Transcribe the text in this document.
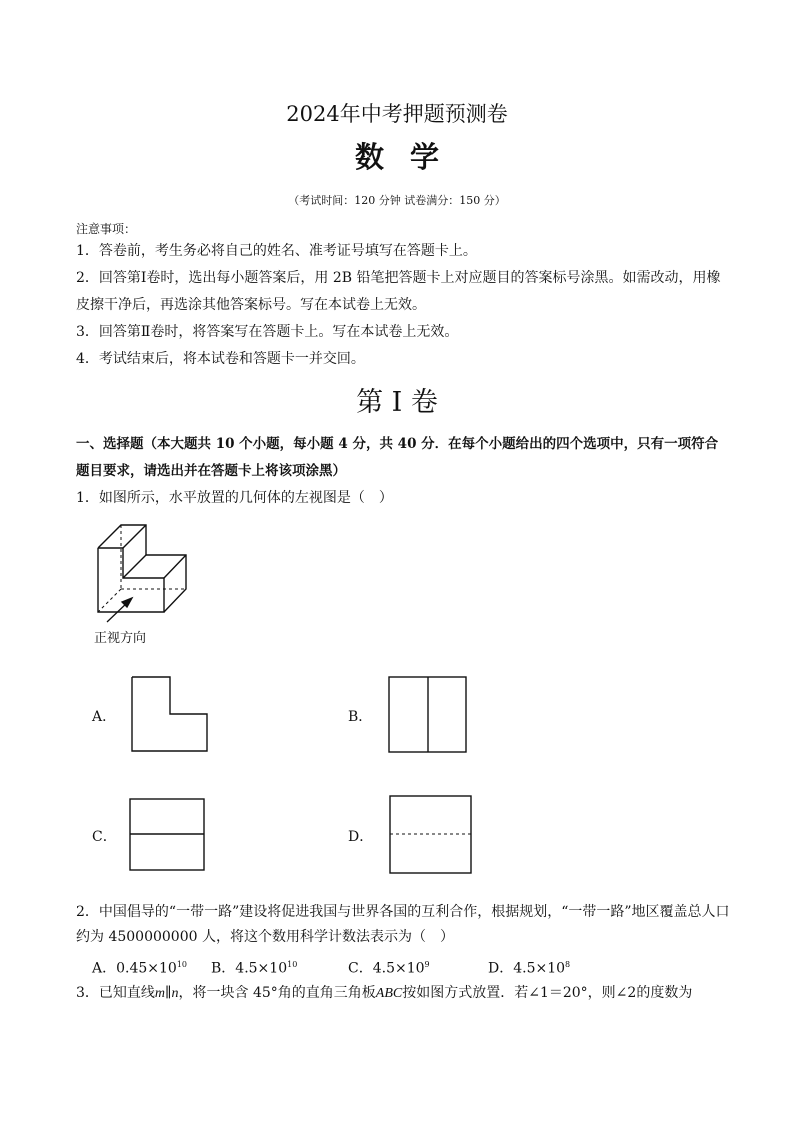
2024年中考押题预测卷
数学
（考试时间：120 分钟 试卷满分：150 分）
注意事项：
1．答卷前，考生务必将自己的姓名、准考证号填写在答题卡上。
2．回答第Ⅰ卷时，选出每小题答案后，用 2B 铅笔把答题卡上对应题目的答案标号涂黑。如需改动，用橡
皮擦干净后，再选涂其他答案标号。写在本试卷上无效。
3．回答第Ⅱ卷时，将答案写在答题卡上。写在本试卷上无效。
4．考试结束后，将本试卷和答题卡一并交回。
第 I 卷
一、选择题（本大题共 10 个小题，每小题 4 分，共 40 分．在每个小题给出的四个选项中，只有一项符合
题目要求，请选出并在答题卡上将该项涂黑）
1．如图所示，水平放置的几何体的左视图是（　）
正视方向
A．	B．
C．	D．
2．中国倡导的“一带一路”建设将促进我国与世界各国的互利合作，根据规划，“一带一路”地区覆盖总人口
约为 4500000000 人，将这个数用科学计数法表示为（　）
A．$0.45\times 10^{10}$ B．$4.5\times 10^{10}$	C．$4.5\times 10^9$	D．$4.5\times 10^8$
3．已知直线m∥n，将一块含 45°角的直角三角板ABC按如图方式放置．若∠1＝20°，则∠2的度数为
